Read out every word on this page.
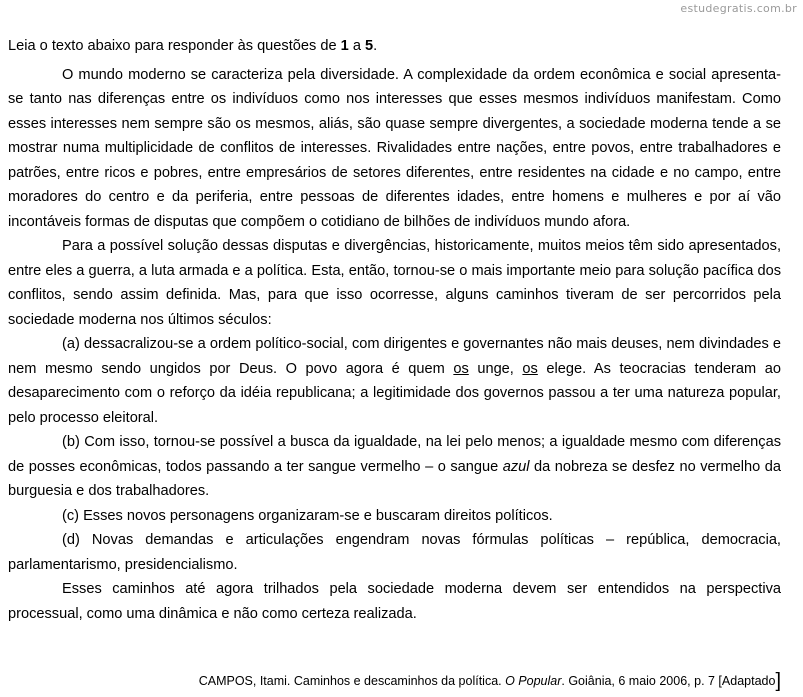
estudegratis.com.br

Leia o texto abaixo para responder às questões de 1 a 5.

O mundo moderno se caracteriza pela diversidade. A complexidade da ordem econômica e social apresenta-se tanto nas diferenças entre os indivíduos como nos interesses que esses mesmos indivíduos manifestam. Como esses interesses nem sempre são os mesmos, aliás, são quase sempre divergentes, a sociedade moderna tende a se mostrar numa multiplicidade de conflitos de interesses. Rivalidades entre nações, entre povos, entre trabalhadores e patrões, entre ricos e pobres, entre empresários de setores diferentes, entre residentes na cidade e no campo, entre moradores do centro e da periferia, entre pessoas de diferentes idades, entre homens e mulheres e por aí vão incontáveis formas de disputas que compõem o cotidiano de bilhões de indivíduos mundo afora.

Para a possível solução dessas disputas e divergências, historicamente, muitos meios têm sido apresentados, entre eles a guerra, a luta armada e a política. Esta, então, tornou-se o mais importante meio para solução pacífica dos conflitos, sendo assim definida. Mas, para que isso ocorresse, alguns caminhos tiveram de ser percorridos pela sociedade moderna nos últimos séculos:

(a) dessacralizou-se a ordem político-social, com dirigentes e governantes não mais deuses, nem divindades e nem mesmo sendo ungidos por Deus. O povo agora é quem os unge, os elege. As teocracias tenderam ao desaparecimento com o reforço da idéia republicana; a legitimidade dos governos passou a ter uma natureza popular, pelo processo eleitoral.

(b) Com isso, tornou-se possível a busca da igualdade, na lei pelo menos; a igualdade mesmo com diferenças de posses econômicas, todos passando a ter sangue vermelho – o sangue azul da nobreza se desfez no vermelho da burguesia e dos trabalhadores.

(c) Esses novos personagens organizaram-se e buscaram direitos políticos.

(d) Novas demandas e articulações engendram novas fórmulas políticas – república, democracia, parlamentarismo, presidencialismo.

Esses caminhos até agora trilhados pela sociedade moderna devem ser entendidos na perspectiva processual, como uma dinâmica e não como certeza realizada.

CAMPOS, Itami. Caminhos e descaminhos da política. O Popular. Goiânia, 6 maio 2006, p. 7 [Adaptado]
